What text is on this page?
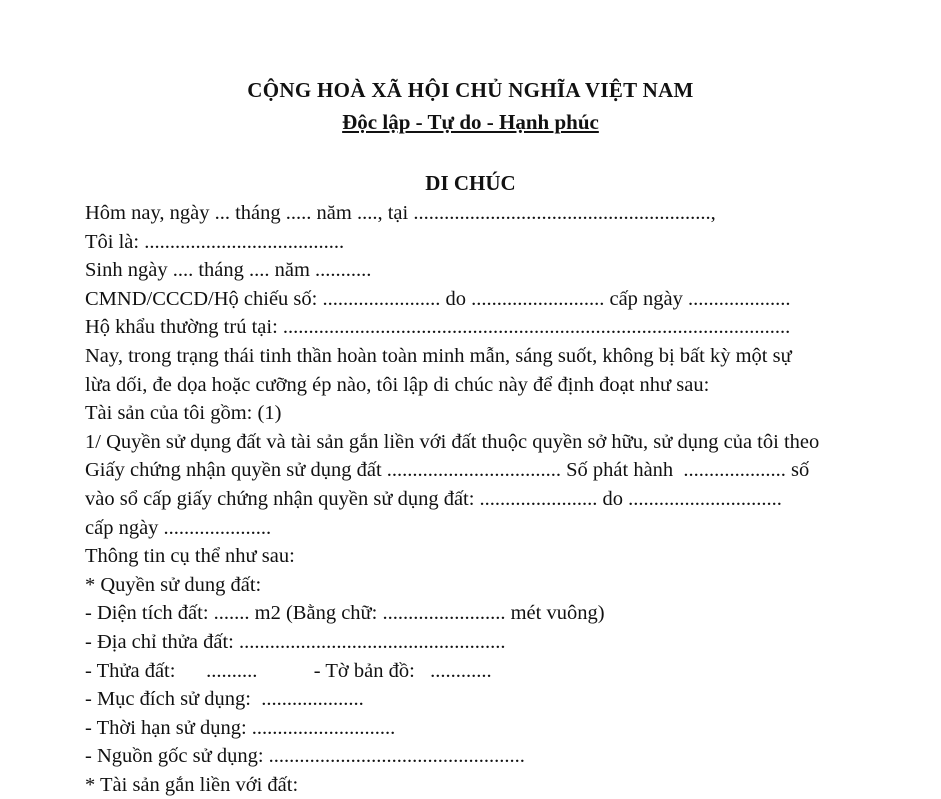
CỘNG HOÀ XÃ HỘI CHỦ NGHĨA VIỆT NAM
Độc lập - Tự do - Hạnh phúc
DI CHÚC
Hôm nay, ngày ... tháng ..... năm ...., tại ..........................................................,
Tôi là: .......................................
Sinh ngày .... tháng .... năm ...........
CMND/CCCD/Hộ chiếu số: ....................... do .......................... cấp ngày ....................
Hộ khẩu thường trú tại: ...................................................................................................
Nay, trong trạng thái tinh thần hoàn toàn minh mẫn, sáng suốt, không bị bất kỳ một sự
lừa dối, đe dọa hoặc cưỡng ép nào, tôi lập di chúc này để định đoạt như sau:
Tài sản của tôi gồm: (1)
1/ Quyền sử dụng đất và tài sản gắn liền với đất thuộc quyền sở hữu, sử dụng của tôi theo
Giấy chứng nhận quyền sử dụng đất .................................. Số phát hành  .................... số
vào sổ cấp giấy chứng nhận quyền sử dụng đất: ....................... do ..............................
cấp ngày .....................
Thông tin cụ thể như sau:
* Quyền sử dung đất:
- Diện tích đất: ....... m2 (Bằng chữ: ........................ mét vuông)
- Địa chỉ thửa đất: ....................................................
- Thửa đất:      ..........           - Tờ bản đồ:   ............
- Mục đích sử dụng:  ....................
- Thời hạn sử dụng: ............................
- Nguồn gốc sử dụng: ..................................................
* Tài sản gắn liền với đất:
